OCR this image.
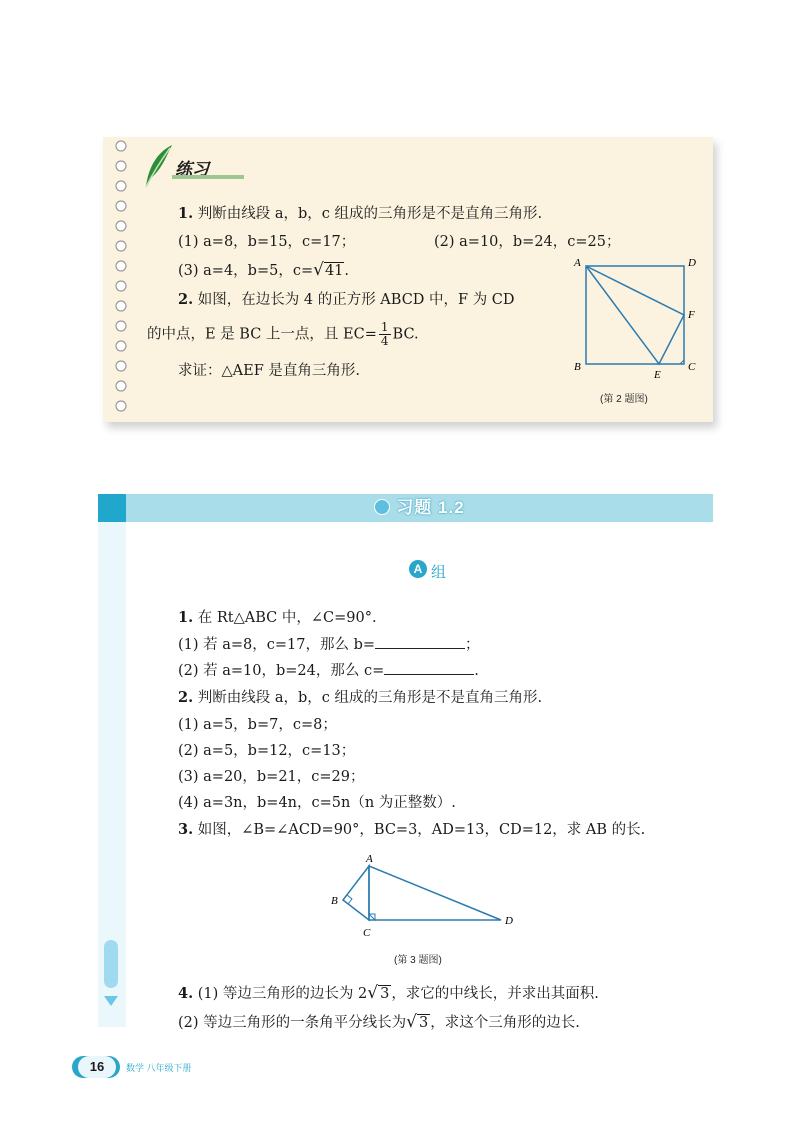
练习
1. 判断由线段 a，b，c 组成的三角形是不是直角三角形.
(1) a=8，b=15，c=17；	(2) a=10，b=24，c=25；
(3) a=4，b=5，c=√41.
2. 如图，在边长为 4 的正方形 ABCD 中，F 为 CD
的中点，E 是 BC 上一点，且 $EC= \frac{1}{4}$ BC.
求证：△AEF 是直角三角形.
A	D
B	C
E
F
(第 2 题图)
习题 1.2
A 组
1. 在 Rt△ABC 中，∠C=90°.
(1) 若 a=8，c=17，那么 b=	；
(2) 若 a=10，b=24，那么 c=	.
2. 判断由线段 a，b，c 组成的三角形是不是直角三角形.
(1) a=5，b=7，c=8；
(2) a=5，b=12，c=13；
(3) a=20，b=21，c=29；
(4) a=3n，b=4n，c=5n（n 为正整数）.
3. 如图，∠B=∠ACD=90°，BC=3，AD=13，CD=12，求 AB 的长.
A
B
C
D
(第 3 题图)
4. (1) 等边三角形的边长为 2√ 3 ，求它的中线长，并求出其面积.
(2) 等边三角形的一条角平分线长为√ 3 ，求这个三角形的边长.
16	数学 八年级下册
